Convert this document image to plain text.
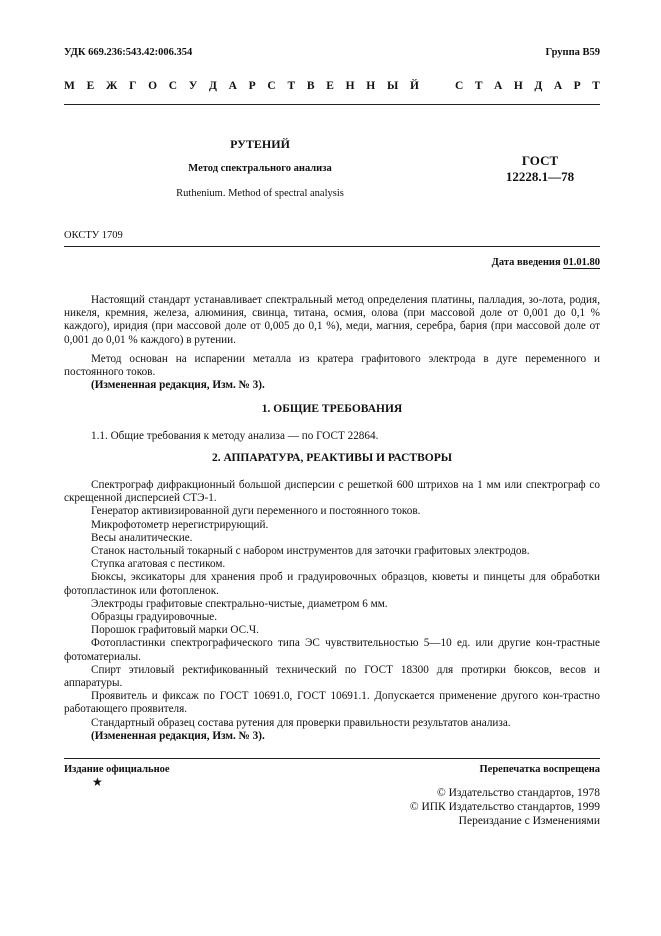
УДК 669.236:543.42:006.354	Группа В59
М Е Ж Г О С У Д А Р С Т В Е Н Н Ы Й	С Т А Н Д А Р Т
РУТЕНИЙ
Метод спектрального анализа
Ruthenium. Method of spectral analysis
ГОСТ
12228.1—78
ОКСТУ 1709
Дата введения 01.01.80
Настоящий стандарт устанавливает спектральный метод определения платины, палладия, зо-лота, родия, никеля, кремния, железа, алюминия, свинца, титана, осмия, олова (при массовой доле от 0,001 до 0,1 % каждого), иридия (при массовой доле от 0,005 до 0,1 %), меди, магния, серебра, бария (при массовой доле от 0,001 до 0,01 % каждого) в рутении.
Метод основан на испарении металла из кратера графитового электрода в дуге переменного и постоянного токов.
(Измененная редакция, Изм. № 3).
1. ОБЩИЕ ТРЕБОВАНИЯ
1.1. Общие требования к методу анализа — по ГОСТ 22864.
2. АППАРАТУРА, РЕАКТИВЫ И РАСТВОРЫ
Спектрограф дифракционный большой дисперсии с решеткой 600 штрихов на 1 мм или спектрограф со скрещенной дисперсией СТЭ-1.
Генератор активизированной дуги переменного и постоянного токов.
Микрофотометр нерегистрирующий.
Весы аналитические.
Станок настольный токарный с набором инструментов для заточки графитовых электродов.
Ступка агатовая с пестиком.
Бюксы, эксикаторы для хранения проб и градуировочных образцов, кюветы и пинцеты для обработки фотопластинок или фотопленок.
Электроды графитовые спектрально-чистые, диаметром 6 мм.
Образцы градуировочные.
Порошок графитовый марки ОС.Ч.
Фотопластинки спектрографического типа ЭС чувствительностью 5—10 ед. или другие кон-трастные фотоматериалы.
Спирт этиловый ректификованный технический по ГОСТ 18300 для протирки бюксов, весов и аппаратуры.
Проявитель и фиксаж по ГОСТ 10691.0, ГОСТ 10691.1. Допускается применение другого кон-трастно работающего проявителя.
Стандартный образец состава рутения для проверки правильности результатов анализа.
(Измененная редакция, Изм. № 3).
Издание официальное
★
Перепечатка воспрещена
© Издательство стандартов, 1978
© ИПК Издательство стандартов, 1999
Переиздание с Изменениями
